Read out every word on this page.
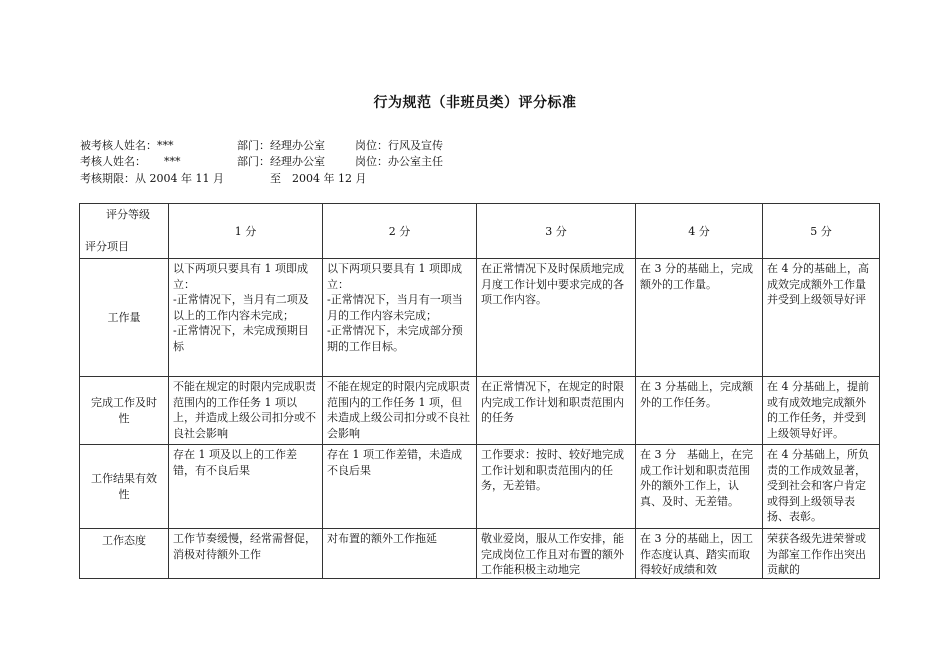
行为规范（非班员类）评分标准
被考核人姓名：***	部门：经理办公室	岗位：行风及宣传
考核人姓名： ***	部门：经理办公室	岗位：办公室主任
考核期限：从 2004 年 11 月	至　2004 年 12 月
评分等级
评分项目	1 分	2 分	3 分	4 分	5 分
工作量	以下两项只要具有 1 项即成立：
-正常情况下，当月有二项及以上的工作内容未完成；
-正常情况下，未完成预期目标	以下两项只要具有 1 项即成立：
-正常情况下，当月有一项当月的工作内容未完成；
-正常情况下，未完成部分预期的工作目标。	在正常情况下及时保质地完成月度工作计划中要求完成的各项工作内容。	在 3 分的基础上，完成额外的工作量。	在 4 分的基础上，高成效完成额外工作量并受到上级领导好评
完成工作及时性	不能在规定的时限内完成职责范围内的工作任务 1 项以上，并造成上级公司扣分或不良社会影响	不能在规定的时限内完成职责范围内的工作任务 1 项，但未造成上级公司扣分或不良社会影响	在正常情况下，在规定的时限内完成工作计划和职责范围内的任务	在 3 分基础上，完成额外的工作任务。	在 4 分基础上，提前或有成效地完成额外的工作任务，并受到上级领导好评。
工作结果有效性	存在 1 项及以上的工作差错，有不良后果	存在 1 项工作差错，未造成不良后果	工作要求：按时、较好地完成工作计划和职责范围内的任务，无差错。	在 3 分　基础上，在完成工作计划和职责范围外的额外工作上，认真、及时、无差错。	在 4 分基础上，所负责的工作成效显著，受到社会和客户肯定或得到上级领导表扬、表彰。
工作态度	工作节奏缓慢，经常需督促，消极对待额外工作	对布置的额外工作拖延	敬业爱岗，服从工作安排，能完成岗位工作且对布置的额外工作能积极主动地完	在 3 分的基础上，因工作态度认真、踏实而取得较好成绩和效	荣获各级先进荣誉或为部室工作作出突出贡献的
